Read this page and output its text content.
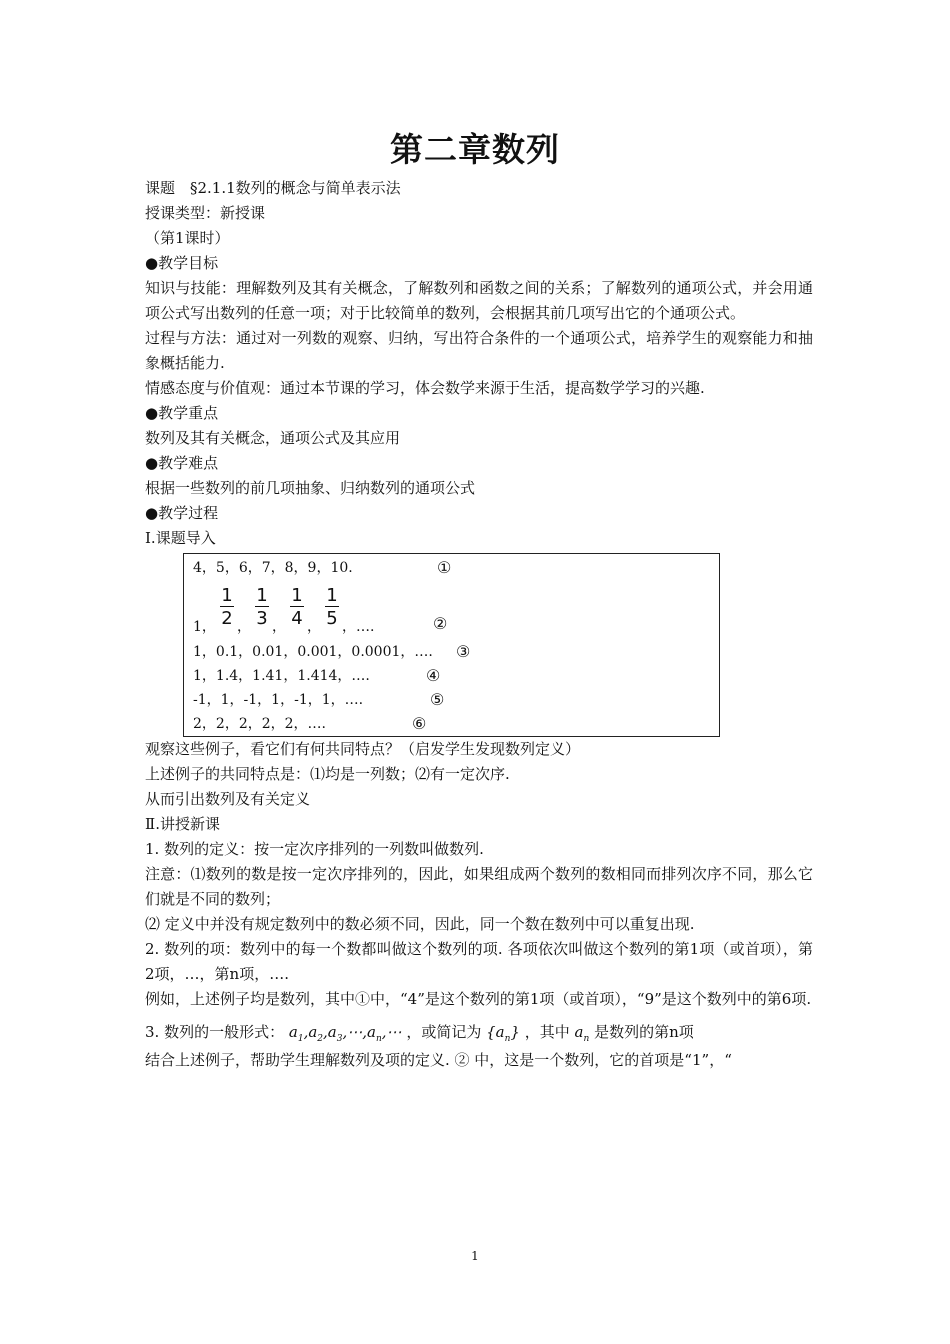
第二章数列
课题　§2.1.1数列的概念与简单表示法
授课类型：新授课
（第1课时）
●教学目标
知识与技能：理解数列及其有关概念，了解数列和函数之间的关系；了解数列的通项公式，并会用通项公式写出数列的任意一项；对于比较简单的数列，会根据其前几项写出它的个通项公式。
过程与方法：通过对一列数的观察、归纳，写出符合条件的一个通项公式，培养学生的观察能力和抽象概括能力.
情感态度与价值观：通过本节课的学习，体会数学来源于生活，提高数学学习的兴趣.
●教学重点
数列及其有关概念，通项公式及其应用
●教学难点
根据一些数列的前几项抽象、归纳数列的通项公式
●教学过程
Ⅰ.课题导入
4，5，6，7，8，9，10.	①
1， $\frac{1}{2}$ ， $\frac{1}{3}$ ， $\frac{1}{4}$ ， $\frac{1}{5}$ ，….	②
1，0.1，0.01，0.001，0.0001，…. ③
1，1.4，1.41，1.414，….	④
-1，1，-1，1，-1，1，….	⑤
2，2，2，2，2，….	⑥
观察这些例子，看它们有何共同特点？（启发学生发现数列定义）
上述例子的共同特点是：⑴均是一列数；⑵有一定次序.
从而引出数列及有关定义
Ⅱ.讲授新课
1. 数列的定义：按一定次序排列的一列数叫做数列.
注意：⑴数列的数是按一定次序排列的，因此，如果组成两个数列的数相同而排列次序不同，那么它们就是不同的数列；
⑵ 定义中并没有规定数列中的数必须不同，因此，同一个数在数列中可以重复出现.
2. 数列的项：数列中的每一个数都叫做这个数列的项. 各项依次叫做这个数列的第1项（或首项），第2项，…，第n项，….
例如，上述例子均是数列，其中①中，“4”是这个数列的第1项（或首项），“9”是这个数列中的第6项.
3. 数列的一般形式： $a_1,a_2,a_3,\cdots,a_n,\cdots$ ，或简记为 $\{a_n\}$ ，其中 $a_n$ 是数列的第n项
结合上述例子，帮助学生理解数列及项的定义. ② 中，这是一个数列，它的首项是“1”，“
1
